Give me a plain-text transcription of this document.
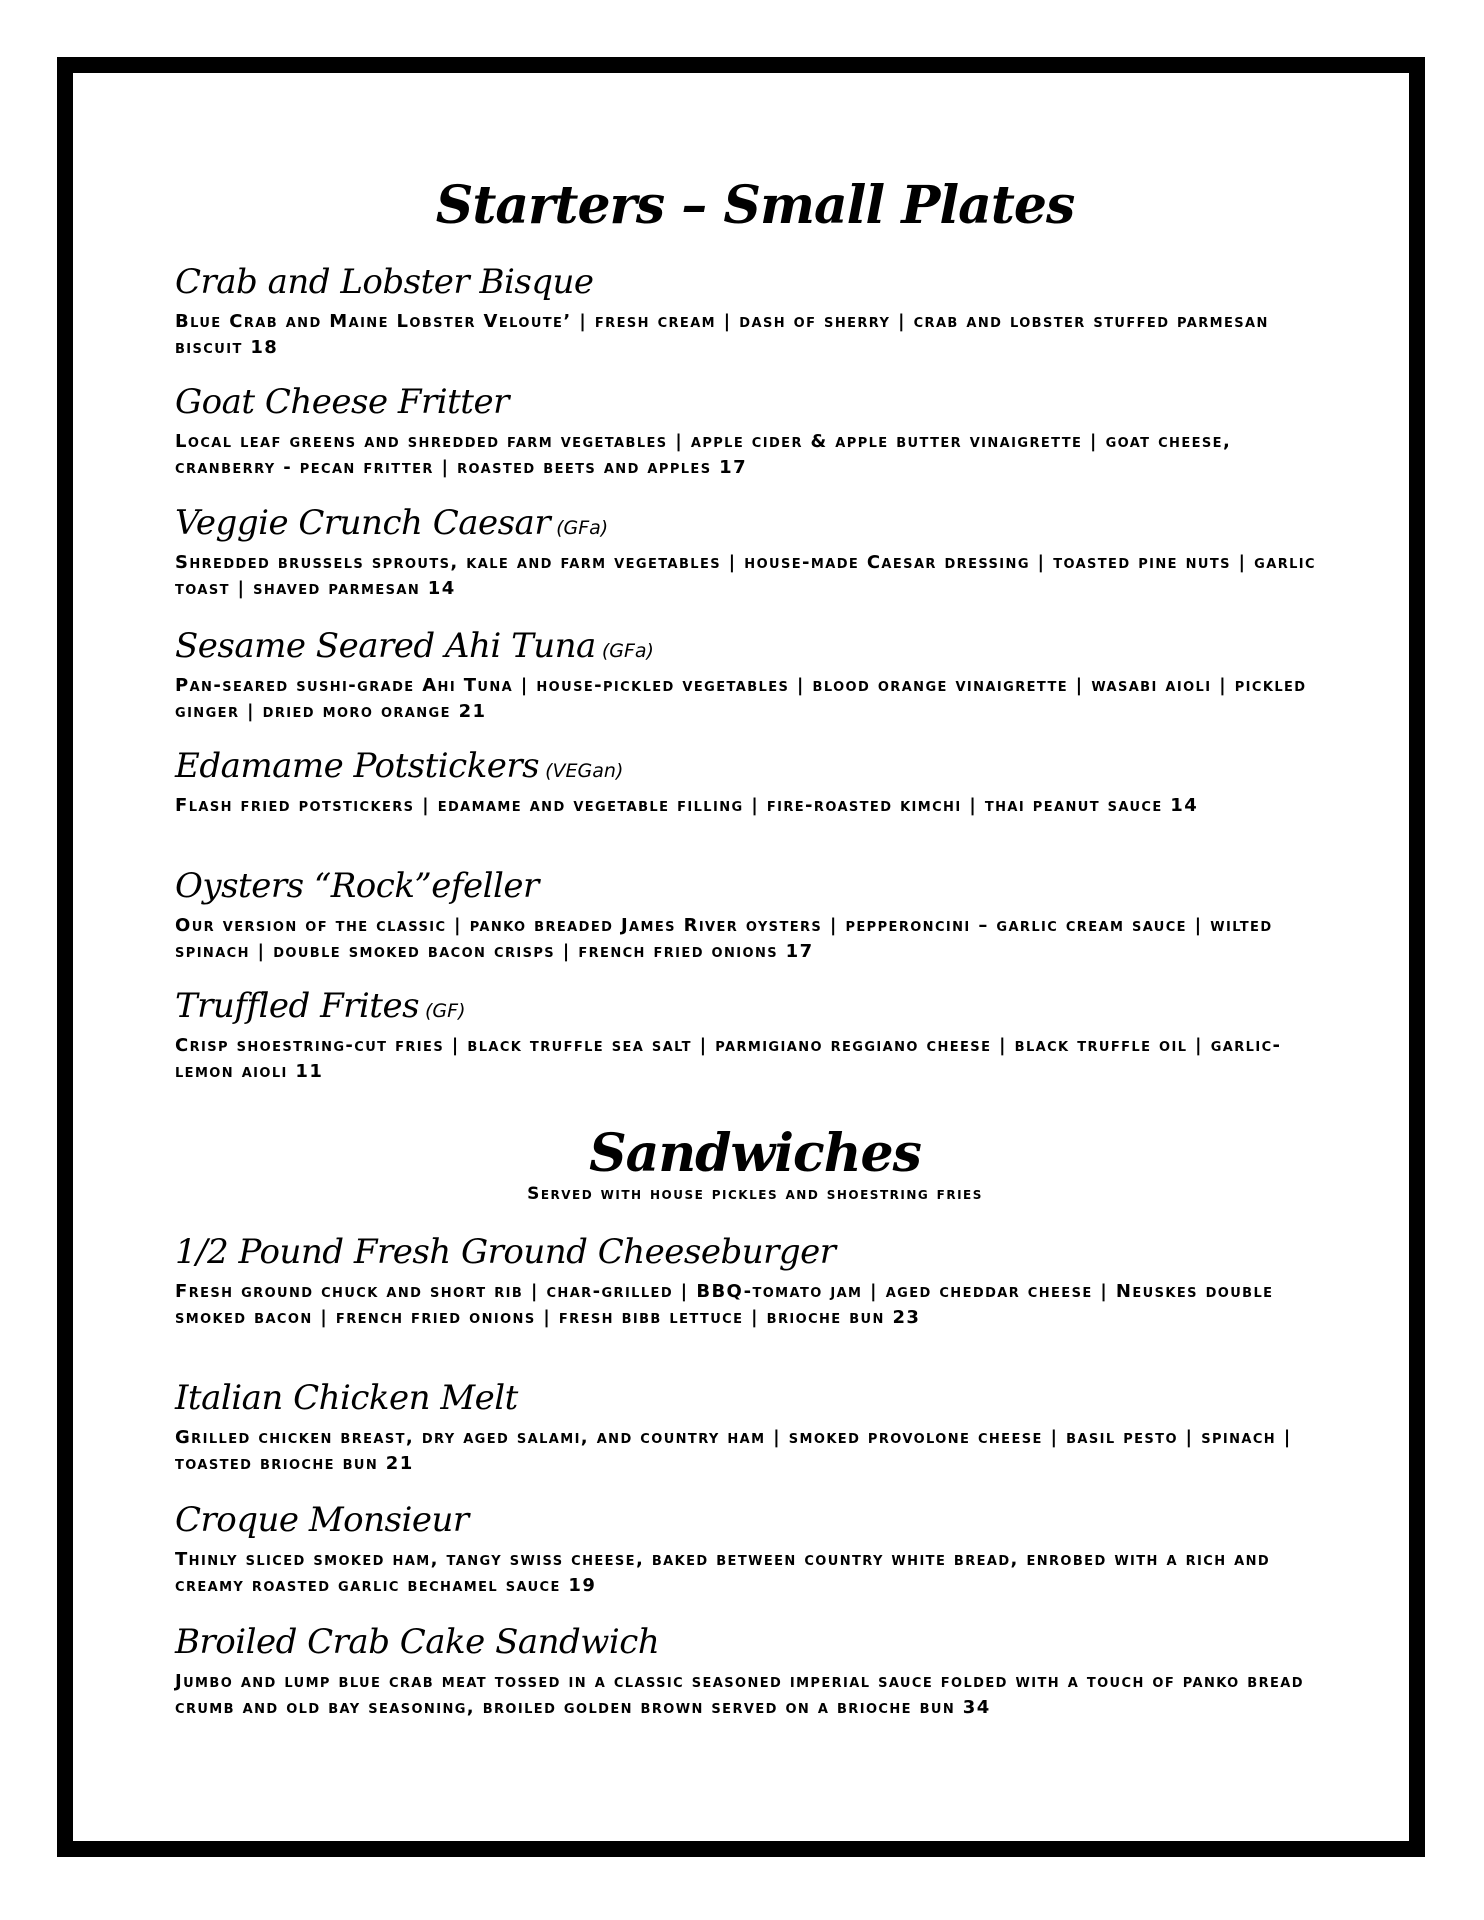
Starters – Small Plates

Crab and Lobster Bisque

Blue Crab and Maine Lobster Veloute’ | fresh cream | dash of sherry | crab and lobster stuffed parmesan biscuit 18

Goat Cheese Fritter

Local leaf greens and shredded farm vegetables | apple cider & apple butter vinaigrette | goat cheese, cranberry - pecan fritter | roasted beets and apples 17

Veggie Crunch Caesar (GFa)

Shredded brussels sprouts, kale and farm vegetables | house-made Caesar dressing | toasted pine nuts | garlic toast | shaved parmesan 14

Sesame Seared Ahi Tuna (GFa)

Pan-seared sushi-grade Ahi Tuna | house-pickled vegetables | blood orange vinaigrette | wasabi aioli | pickled ginger | dried moro orange 21

Edamame Potstickers (VEGan)

Flash fried potstickers | edamame and vegetable filling | fire-roasted kimchi | thai peanut sauce 14

Oysters “Rock”efeller

Our version of the classic | panko breaded James River oysters | pepperoncini – garlic cream sauce | wilted spinach | double smoked bacon crisps | french fried onions 17

Truffled Frites (GF)

Crisp shoestring-cut fries | black truffle sea salt | parmigiano reggiano cheese | black truffle oil | garlic-lemon aioli 11

Sandwiches

Served with house pickles and shoestring fries

1/2 Pound Fresh Ground Cheeseburger

Fresh ground chuck and short rib | char-grilled | BBQ-tomato jam | aged cheddar cheese | Neuskes double smoked bacon | french fried onions | fresh bibb lettuce | brioche bun 23

Italian Chicken Melt

Grilled chicken breast, dry aged salami, and country ham | smoked provolone cheese | basil pesto | spinach | toasted brioche bun 21

Croque Monsieur

Thinly sliced smoked ham, tangy swiss cheese, baked between country white bread, enrobed with a rich and creamy roasted garlic bechamel sauce 19

Broiled Crab Cake Sandwich

Jumbo and lump blue crab meat tossed in a classic seasoned imperial sauce folded with a touch of panko bread crumb and old bay seasoning, broiled golden brown served on a brioche bun 34
